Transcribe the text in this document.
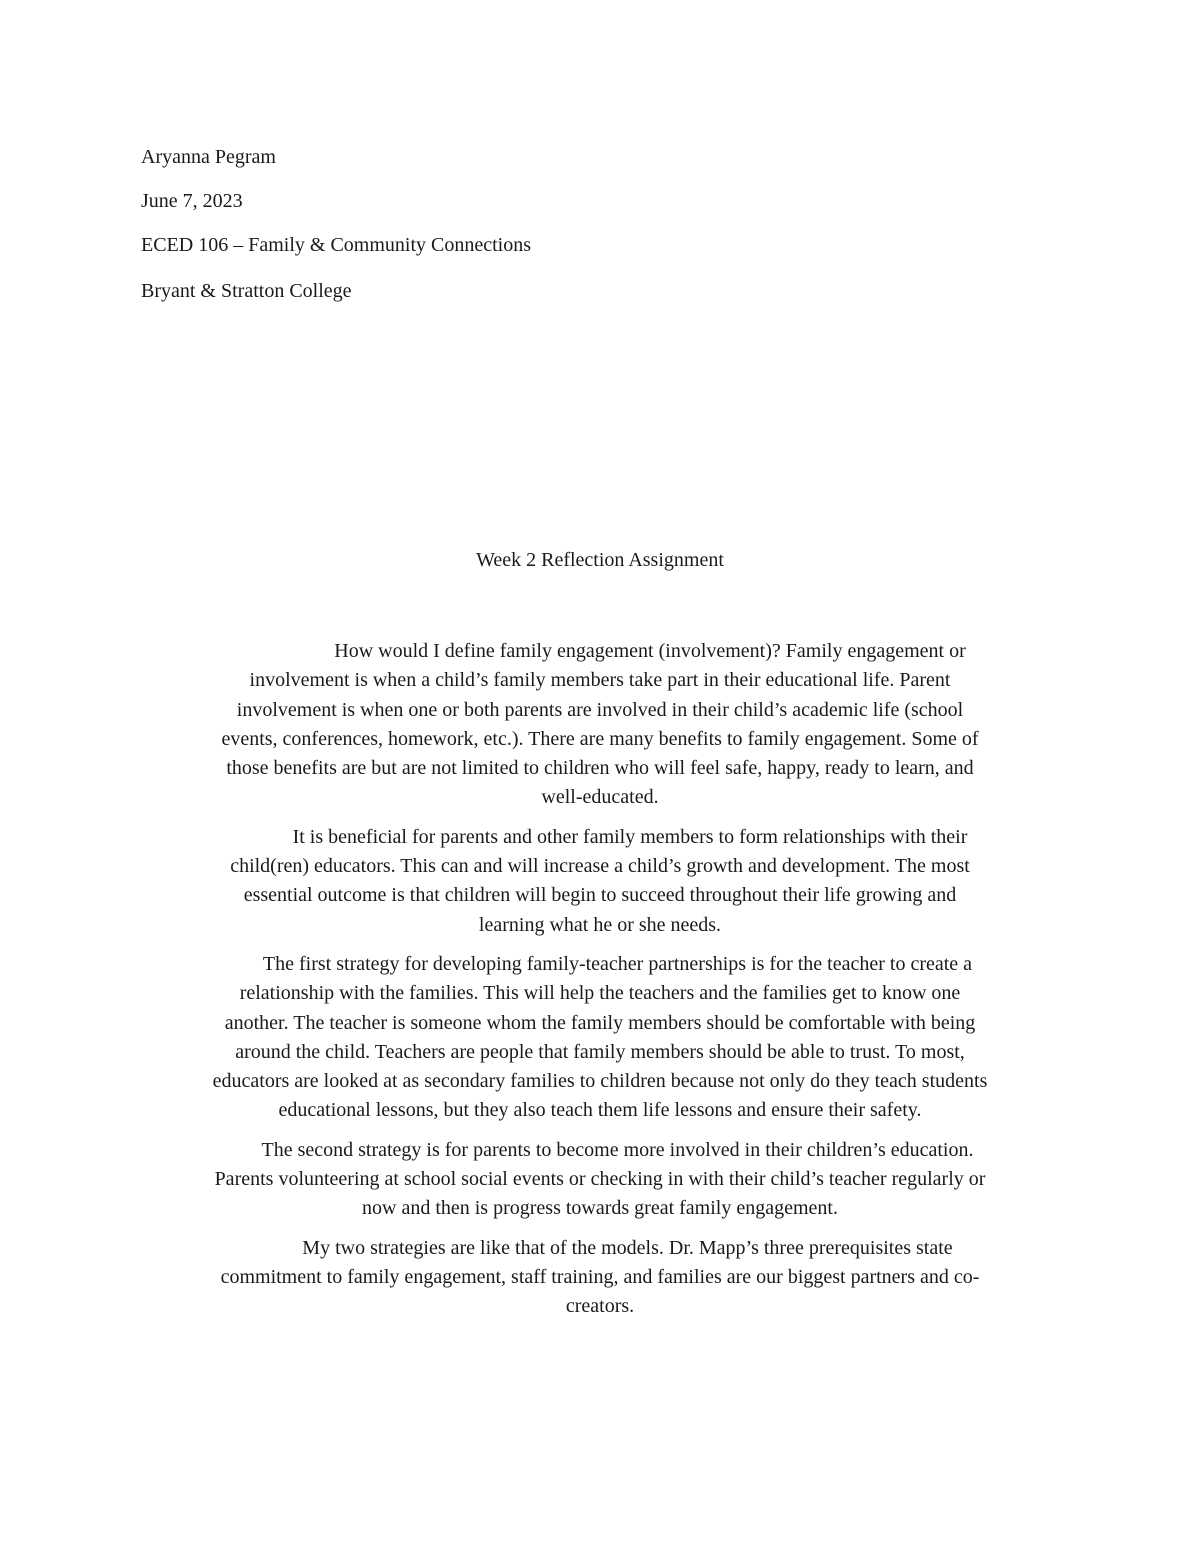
Aryanna Pegram
June 7, 2023
ECED 106 – Family & Community Connections
Bryant & Stratton College
Week 2 Reflection Assignment

How would I define family engagement (involvement)? Family engagement or
involvement is when a child’s family members take part in their educational life. Parent
involvement is when one or both parents are involved in their child’s academic life (school
events, conferences, homework, etc.). There are many benefits to family engagement. Some of
those benefits are but are not limited to children who will feel safe, happy, ready to learn, and
well-educated.

It is beneficial for parents and other family members to form relationships with their
child(ren) educators. This can and will increase a child’s growth and development. The most
essential outcome is that children will begin to succeed throughout their life growing and
learning what he or she needs.

The first strategy for developing family-teacher partnerships is for the teacher to create a
relationship with the families. This will help the teachers and the families get to know one
another. The teacher is someone whom the family members should be comfortable with being
around the child. Teachers are people that family members should be able to trust. To most,
educators are looked at as secondary families to children because not only do they teach students
educational lessons, but they also teach them life lessons and ensure their safety.

The second strategy is for parents to become more involved in their children’s education.
Parents volunteering at school social events or checking in with their child’s teacher regularly or
now and then is progress towards great family engagement.

My two strategies are like that of the models. Dr. Mapp’s three prerequisites state
commitment to family engagement, staff training, and families are our biggest partners and co-
creators.
